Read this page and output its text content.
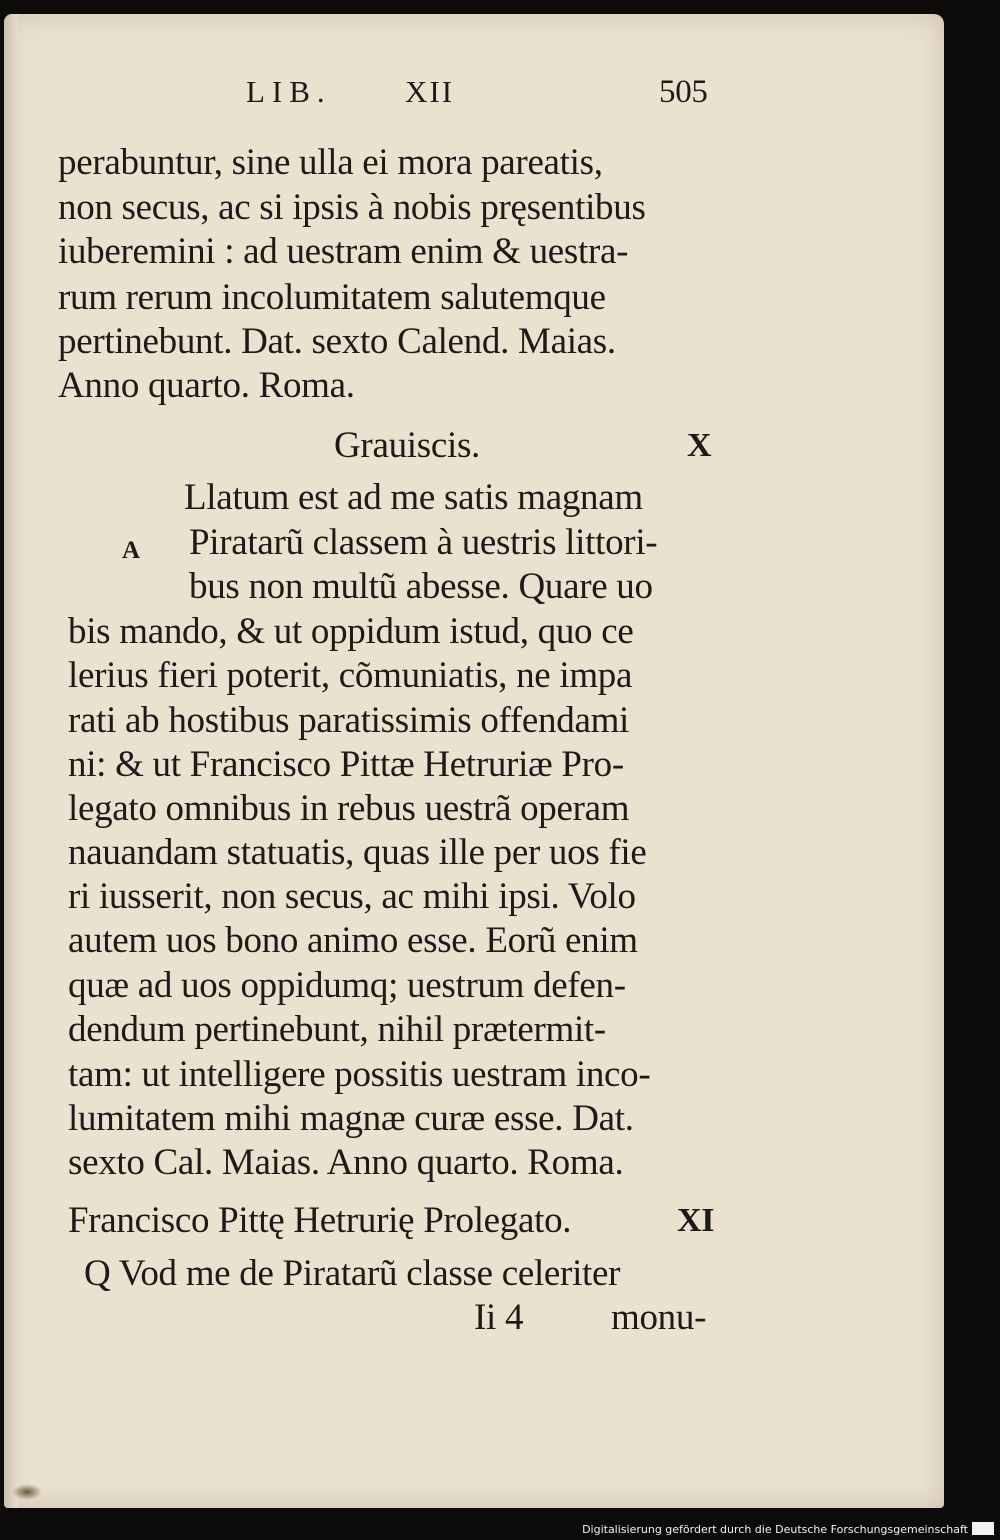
LIB. XII	505
perabuntur, sine ulla ei mora pareatis,
non secus, ac si ipsis à nobis pręsentibus
iuberemini : ad uestram enim & uestra-
rum rerum incolumitatem salutemque
pertinebunt. Dat. sexto Calend. Maias.
Anno quarto. Roma.
Grauiscis.	X
Llatum est ad me satis magnam
A Piratarũ classem à uestris littori-
bus non multũ abesse. Quare uo
bis mando, & ut oppidum istud, quo ce
lerius fieri poterit, cõmuniatis, ne impa
rati ab hostibus paratissimis offendami
ni: & ut Francisco Pittæ Hetruriæ Pro-
legato omnibus in rebus uestrã operam
nauandam statuatis, quas ille per uos fie
ri iusserit, non secus, ac mihi ipsi. Volo
autem uos bono animo esse. Eorũ enim
quæ ad uos oppidumq; uestrum defen-
dendum pertinebunt, nihil prætermit-
tam: ut intelligere possitis uestram inco-
lumitatem mihi magnæ curæ esse. Dat.
sexto Cal. Maias. Anno quarto. Roma.
Francisco Pittę Hetrurię Prolegato.	XI
Q Vod me de Piratarũ classe celeriter
Ii 4 monu-
Digitalisierung gefördert durch die Deutsche Forschungsgemeinschaft
